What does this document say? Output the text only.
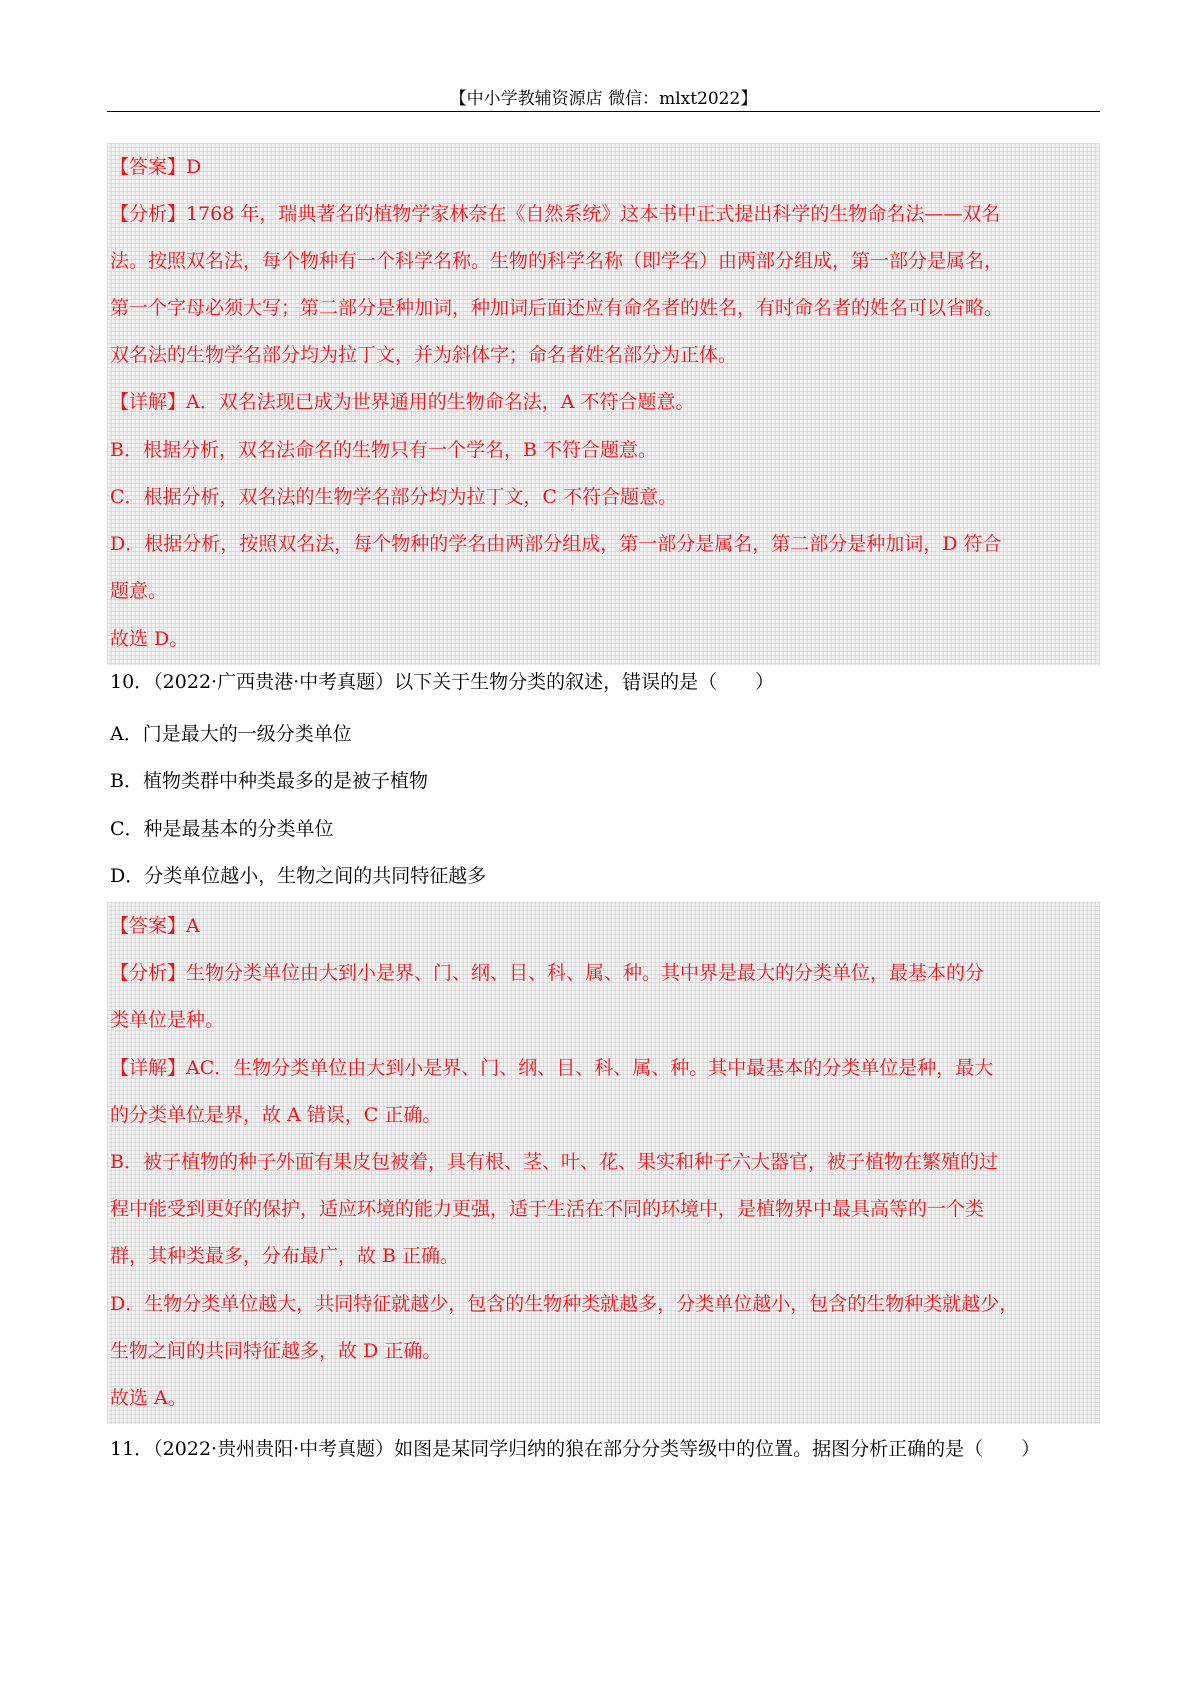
【中小学教辅资源店 微信：mlxt2022】
【答案】D
【分析】1768 年，瑞典著名的植物学家林奈在《自然系统》这本书中正式提出科学的生物命名法——双名
法。按照双名法，每个物种有一个科学名称。生物的科学名称（即学名）由两部分组成，第一部分是属名，
第一个字母必须大写；第二部分是种加词，种加词后面还应有命名者的姓名，有时命名者的姓名可以省略。
双名法的生物学名部分均为拉丁文，并为斜体字；命名者姓名部分为正体。
【详解】A．双名法现已成为世界通用的生物命名法，A 不符合题意。
B．根据分析，双名法命名的生物只有一个学名，B 不符合题意。
C．根据分析，双名法的生物学名部分均为拉丁文，C 不符合题意。
D．根据分析，按照双名法，每个物种的学名由两部分组成，第一部分是属名，第二部分是种加词，D 符合
题意。
故选 D。
10．（2022·广西贵港·中考真题）以下关于生物分类的叙述，错误 ··的是（　　）
A．门是最大的一级分类单位
B．植物类群中种类最多的是被子植物
C．种是最基本的分类单位
D．分类单位越小，生物之间的共同特征越多
【答案】A
【分析】生物分类单位由大到小是界、门、纲、目、科、属、种。其中界是最大的分类单位，最基本的分
类单位是种。
【详解】AC．生物分类单位由大到小是界、门、纲、目、科、属、种。其中最基本的分类单位是种，最大
的分类单位是界，故 A 错误，C 正确。
B．被子植物的种子外面有果皮包被着，具有根、茎、叶、花、果实和种子六大器官，被子植物在繁殖的过
程中能受到更好的保护，适应环境的能力更强，适于生活在不同的环境中，是植物界中最具高等的一个类
群，其种类最多，分布最广，故 B 正确。
D．生物分类单位越大，共同特征就越少，包含的生物种类就越多，分类单位越小，包含的生物种类就越少，
生物之间的共同特征越多，故 D 正确。
故选 A。
11．（2022·贵州贵阳·中考真题）如图是某同学归纳的狼在部分分类等级中的位置。据图分析正确的是（　　）
